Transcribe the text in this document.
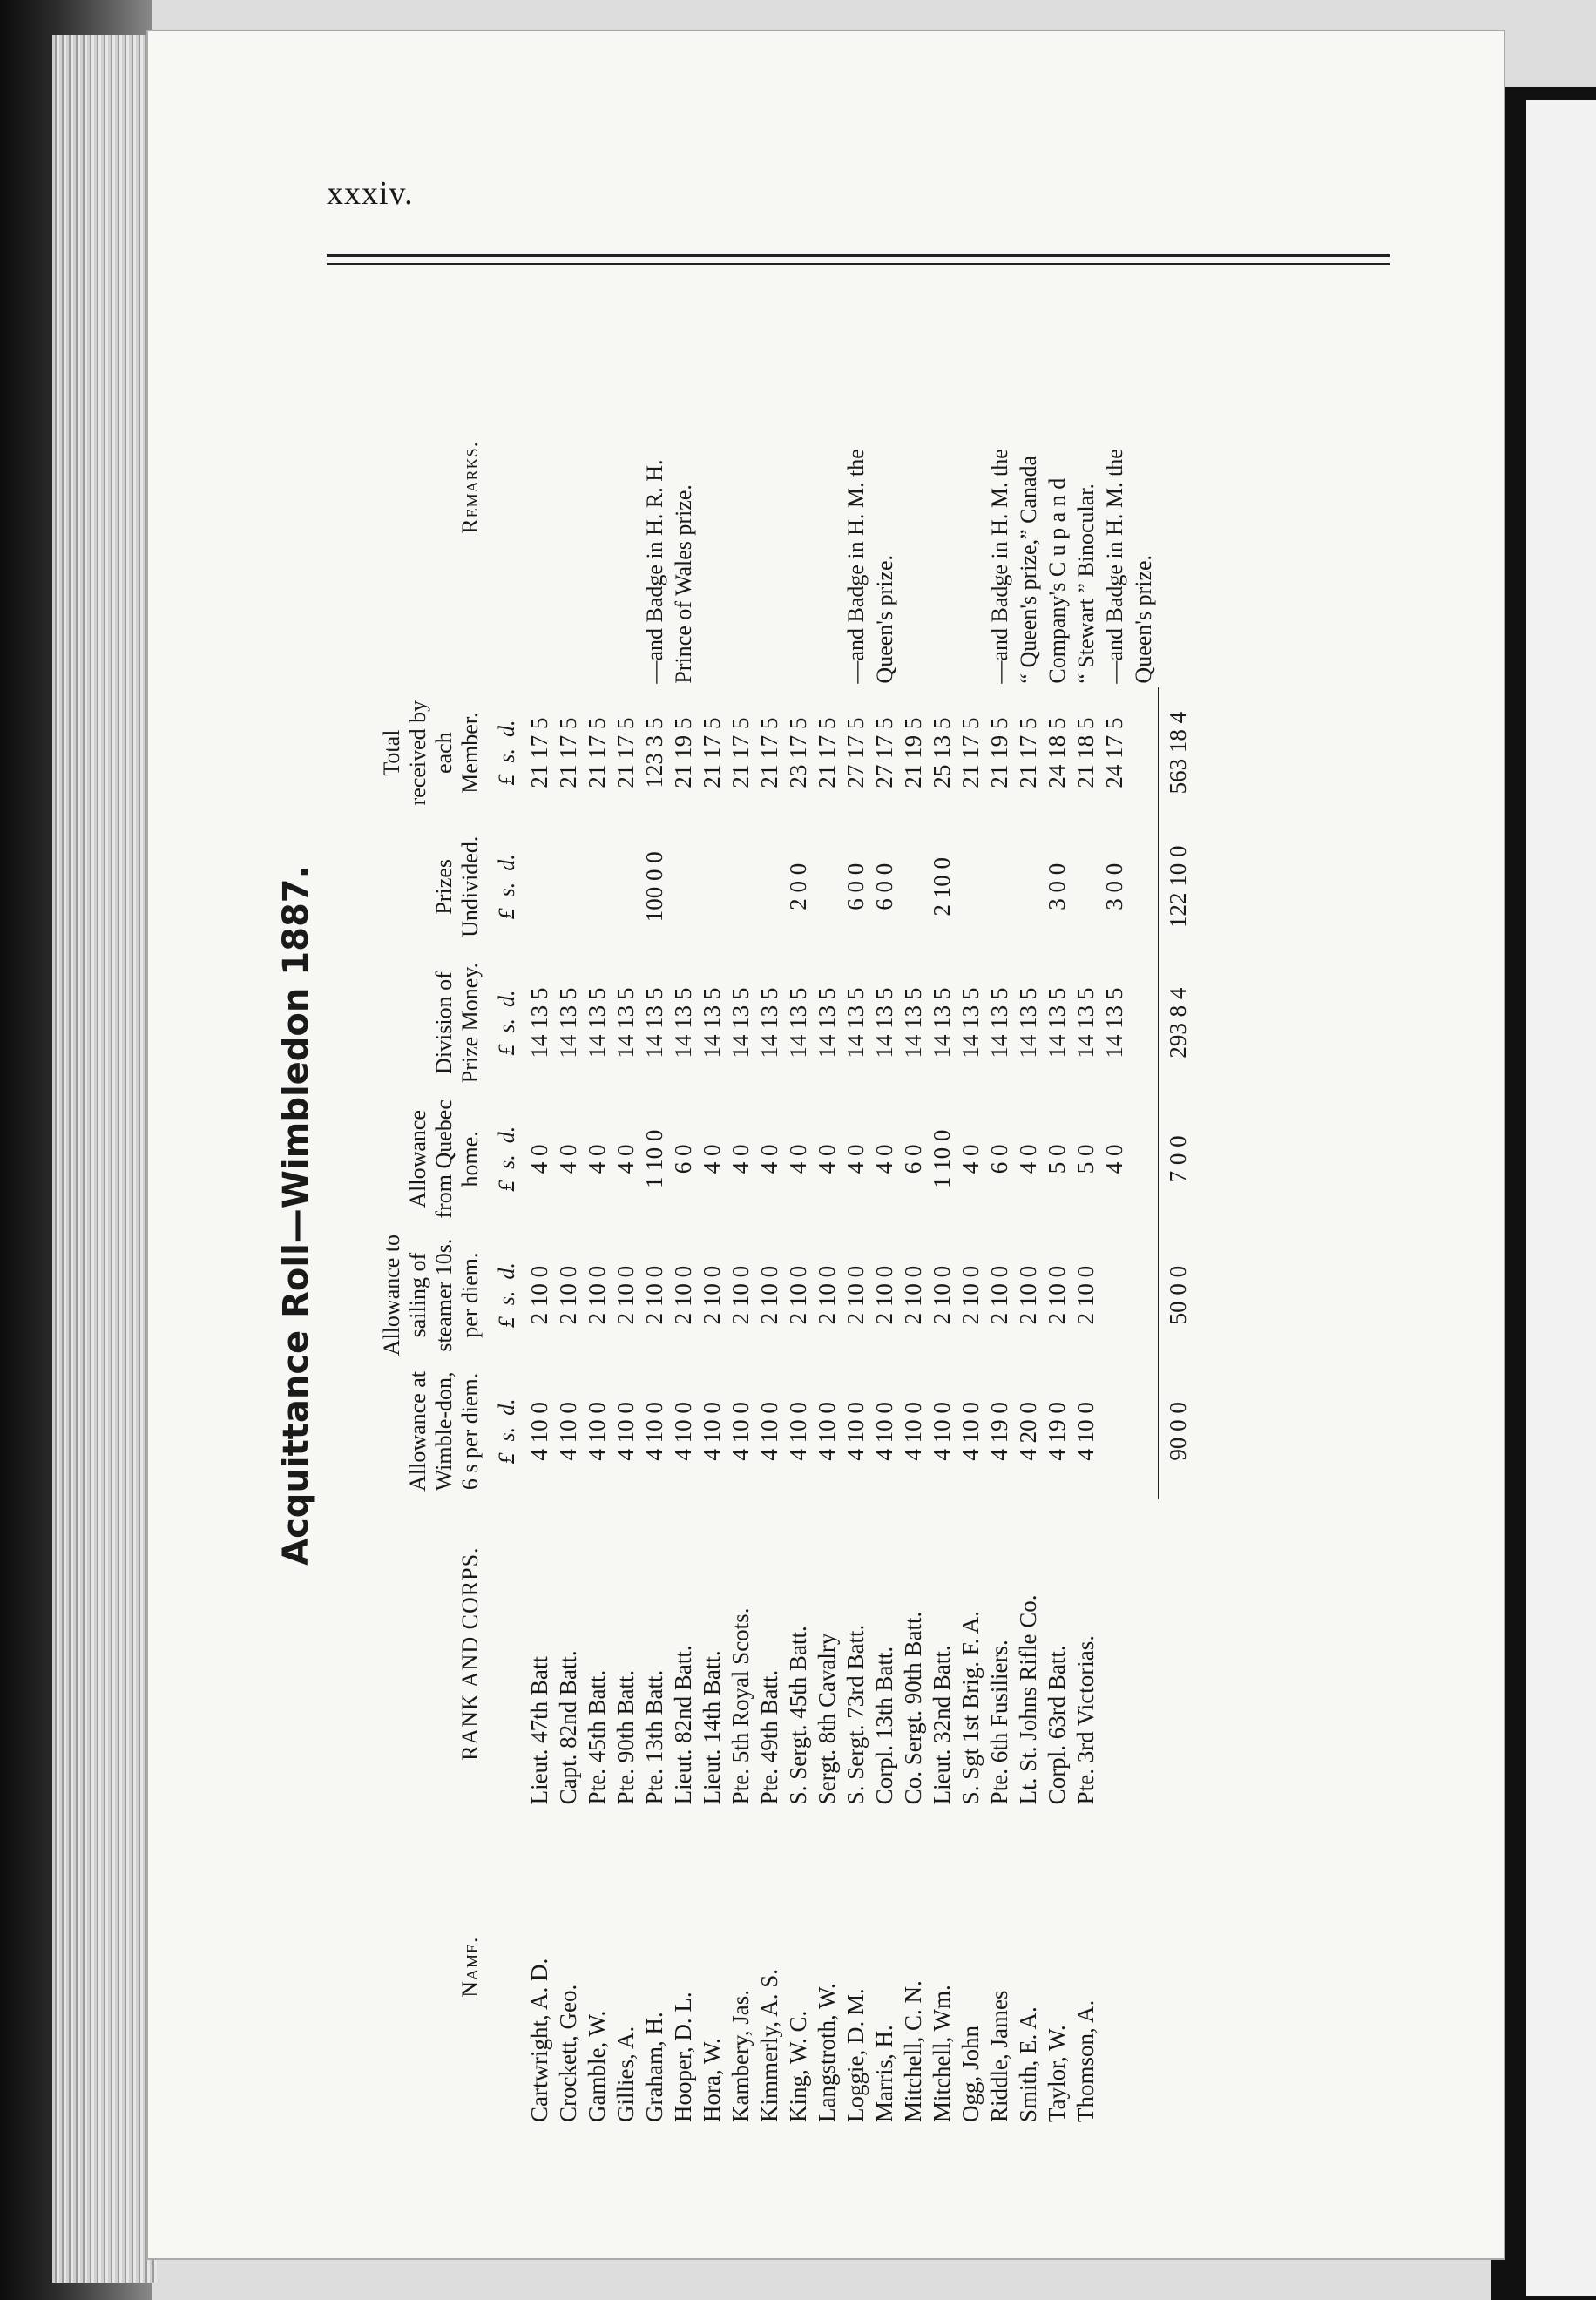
xxxiv.
Acquittance Roll—Wimbledon 1887.
Name.	RANK AND CORPS.	Allowance at Wimble-don, 6 s per diem.	Allowance to sailing of steamer 10s. per diem.	Allowance from Quebec home.	Division of Prize Money.	Prizes Undivided.	Total received by each Member.	Remarks.
		£  s.  d.	£  s.  d.	£  s.  d.	£  s.  d.	£  s.  d.	£  s.  d.	
Cartwright, A. D.	Lieut. 47th Batt	4 10 0	2 10 0	4 0	14 13 5		21 17 5	
Crockett, Geo.	Capt. 82nd Batt.	4 10 0	2 10 0	4 0	14 13 5		21 17 5	
Gamble, W.	Pte. 45th Batt.	4 10 0	2 10 0	4 0	14 13 5		21 17 5	
Gillies, A.	Pte. 90th Batt.	4 10 0	2 10 0	4 0	14 13 5		21 17 5	
Graham, H.	Pte. 13th Batt.	4 10 0	2 10 0	1 10 0	14 13 5	100 0 0	123 3 5	—and Badge in H. R. H.
Hooper, D. L.	Lieut. 82nd Batt.	4 10 0	2 10 0	6 0	14 13 5		21 19 5	Prince of Wales prize.
Hora, W.	Lieut. 14th Batt.	4 10 0	2 10 0	4 0	14 13 5		21 17 5	
Kambery, Jas.	Pte. 5th Royal Scots.	4 10 0	2 10 0	4 0	14 13 5		21 17 5	
Kimmerly, A. S.	Pte. 49th Batt.	4 10 0	2 10 0	4 0	14 13 5		21 17 5	
King, W. C.	S. Sergt. 45th Batt.	4 10 0	2 10 0	4 0	14 13 5	2 0 0	23 17 5	
Langstroth, W.	Sergt. 8th Cavalry	4 10 0	2 10 0	4 0	14 13 5		21 17 5	
Loggie, D. M.	S. Sergt. 73rd Batt.	4 10 0	2 10 0	4 0	14 13 5	6 0 0	27 17 5	—and Badge in H. M. the
Marris, H.	Corpl. 13th Batt.	4 10 0	2 10 0	4 0	14 13 5	6 0 0	27 17 5	Queen's prize.
Mitchell, C. N.	Co. Sergt. 90th Batt.	4 10 0	2 10 0	6 0	14 13 5		21 19 5	
Mitchell, Wm.	Lieut. 32nd Batt.	4 10 0	2 10 0	1 10 0	14 13 5	2 10 0	25 13 5	
Ogg, John	S. Sgt 1st Brig. F. A.	4 10 0	2 10 0	4 0	14 13 5		21 17 5	
Riddle, James	Pte. 6th Fusiliers.	4 19 0	2 10 0	6 0	14 13 5		21 19 5	—and Badge in H. M. the
Smith, E. A.	Lt. St. Johns Rifle Co.	4 20 0	2 10 0	4 0	14 13 5		21 17 5	“ Queen's prize,” Canada
Taylor, W.	Corpl. 63rd Batt.	4 19 0	2 10 0	5 0	14 13 5	3 0 0	24 18 5	Company's C u p a n d
Thomson, A.	Pte. 3rd Victorias.	4 10 0	2 10 0	5 0	14 13 5		21 18 5	“ Stewart ” Binocular.
				4 0	14 13 5	3 0 0	24 17 5	—and Badge in H. M. the
								Queen's prize.
		90 0 0	50 0 0	7 0 0	293 8 4	122 10 0	563 18 4	
